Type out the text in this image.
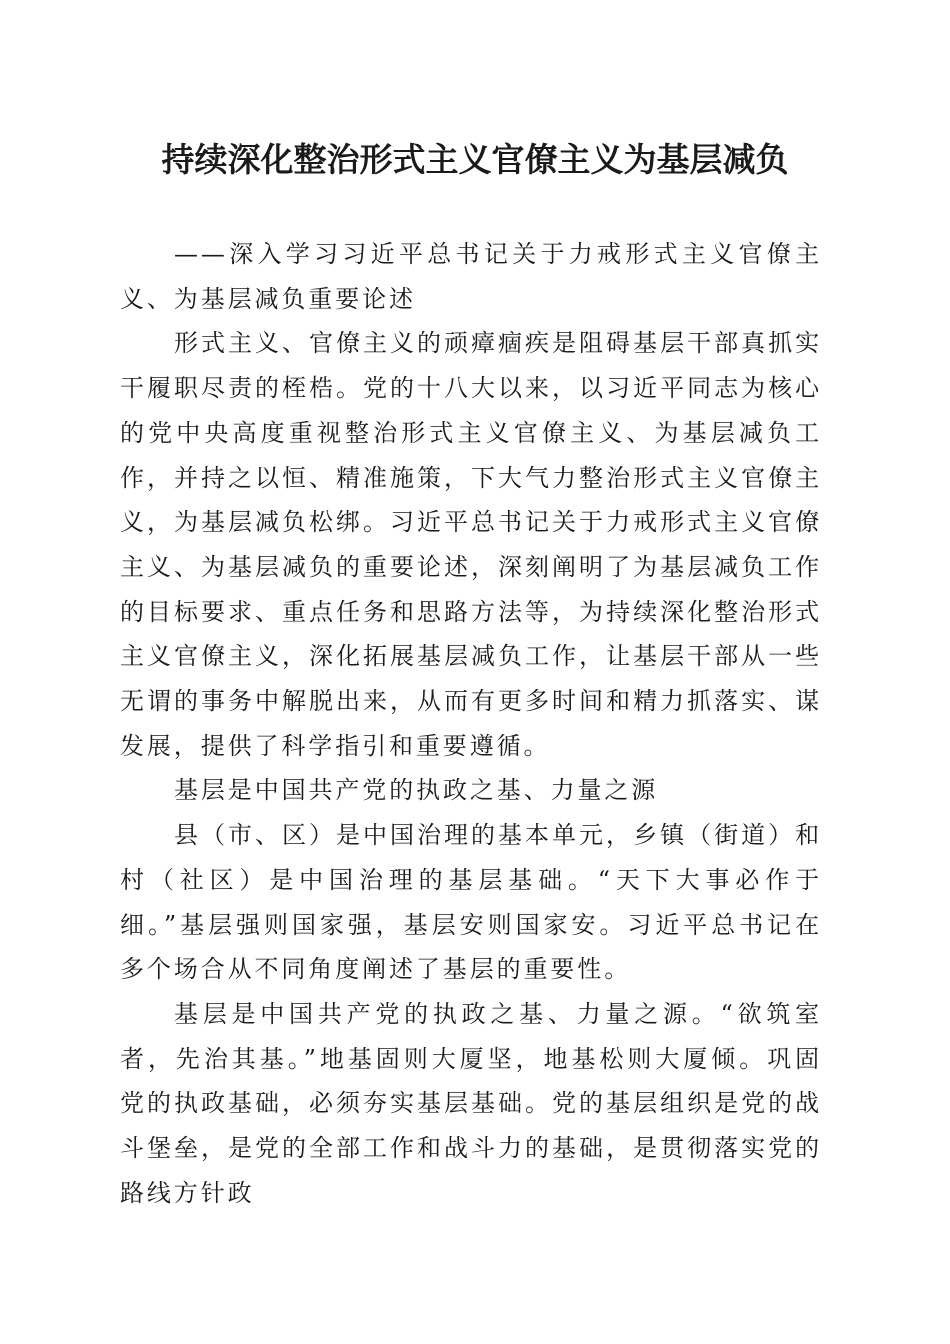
持续深化整治形式主义官僚主义为基层减负

——深入学习习近平总书记关于力戒形式主义官僚主义、为基层减负重要论述

形式主义、官僚主义的顽瘴痼疾是阻碍基层干部真抓实干履职尽责的桎梏。党的十八大以来，以习近平同志为核心的党中央高度重视整治形式主义官僚主义、为基层减负工作，并持之以恒、精准施策，下大气力整治形式主义官僚主义，为基层减负松绑。习近平总书记关于力戒形式主义官僚主义、为基层减负的重要论述，深刻阐明了为基层减负工作的目标要求、重点任务和思路方法等，为持续深化整治形式主义官僚主义，深化拓展基层减负工作，让基层干部从一些无谓的事务中解脱出来，从而有更多时间和精力抓落实、谋发展，提供了科学指引和重要遵循。

基层是中国共产党的执政之基、力量之源

县（市、区）是中国治理的基本单元，乡镇（街道）和村（社区）是中国治理的基层基础。“天下大事必作于细。”基层强则国家强，基层安则国家安。习近平总书记在多个场合从不同角度阐述了基层的重要性。

基层是中国共产党的执政之基、力量之源。“欲筑室者，先治其基。”地基固则大厦坚，地基松则大厦倾。巩固党的执政基础，必须夯实基层基础。党的基层组织是党的战斗堡垒，是党的全部工作和战斗力的基础，是贯彻落实党的路线方针政
